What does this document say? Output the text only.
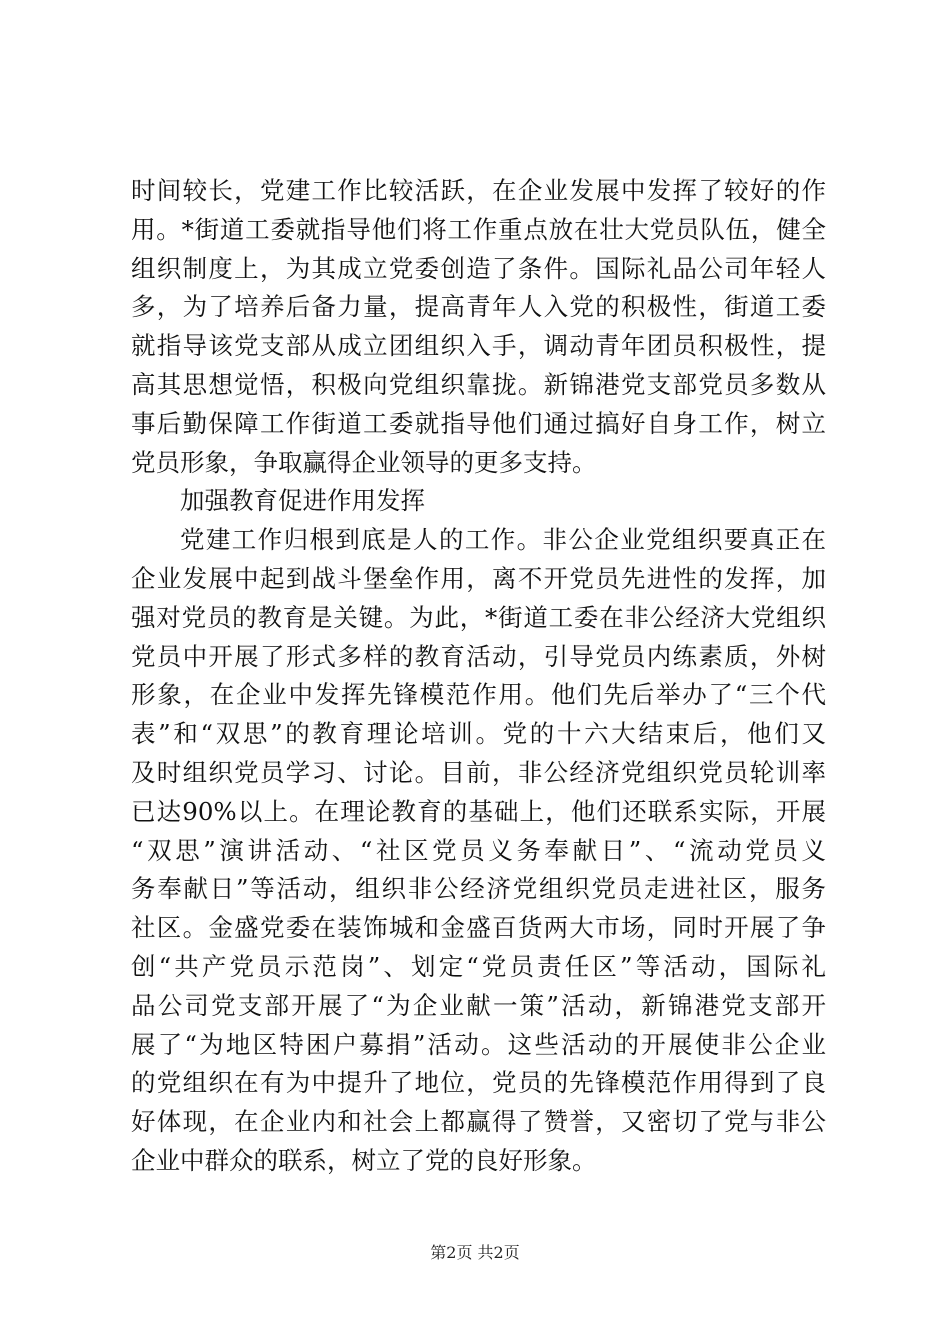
时间较长，党建工作比较活跃，在企业发展中发挥了较好的作
用。*街道工委就指导他们将工作重点放在壮大党员队伍，健全
组织制度上，为其成立党委创造了条件。国际礼品公司年轻人
多，为了培养后备力量，提高青年人入党的积极性，街道工委
就指导该党支部从成立团组织入手，调动青年团员积极性，提
高其思想觉悟，积极向党组织靠拢。新锦港党支部党员多数从
事后勤保障工作街道工委就指导他们通过搞好自身工作，树立
党员形象，争取赢得企业领导的更多支持。
加强教育促进作用发挥
党建工作归根到底是人的工作。非公企业党组织要真正在
企业发展中起到战斗堡垒作用，离不开党员先进性的发挥，加
强对党员的教育是关键。为此，*街道工委在非公经济大党组织
党员中开展了形式多样的教育活动，引导党员内练素质，外树
形象，在企业中发挥先锋模范作用。他们先后举办了“三个代
表”和“双思”的教育理论培训。党的十六大结束后，他们又
及时组织党员学习、讨论。目前，非公经济党组织党员轮训率
已达90%以上。在理论教育的基础上，他们还联系实际，开展
“双思”演讲活动、“社区党员义务奉献日”、“流动党员义
务奉献日”等活动，组织非公经济党组织党员走进社区，服务
社区。金盛党委在装饰城和金盛百货两大市场，同时开展了争
创“共产党员示范岗”、划定“党员责任区”等活动，国际礼
品公司党支部开展了“为企业献一策”活动，新锦港党支部开
展了“为地区特困户募捐”活动。这些活动的开展使非公企业
的党组织在有为中提升了地位，党员的先锋模范作用得到了良
好体现，在企业内和社会上都赢得了赞誉，又密切了党与非公
企业中群众的联系，树立了党的良好形象。
第2页 共2页
